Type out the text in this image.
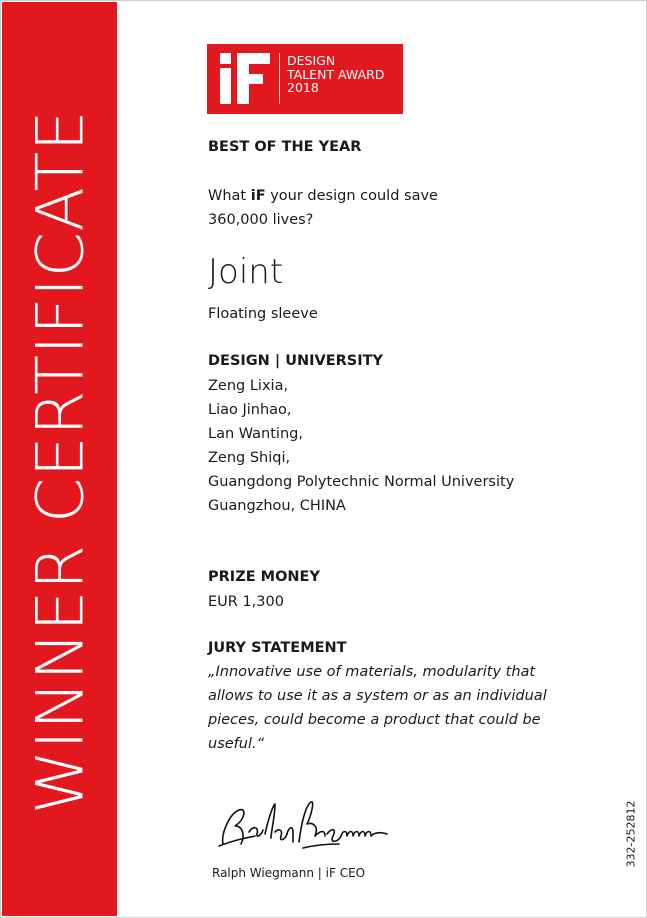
WINNER CERTIFICATE
DESIGN
TALENT AWARD
2018
BEST OF THE YEAR
What iF your design could save
360,000 lives?
Joint
Floating sleeve
DESIGN | UNIVERSITY
Zeng Lixia,
Liao Jinhao,
Lan Wanting,
Zeng Shiqi,
Guangdong Polytechnic Normal University
Guangzhou, CHINA
PRIZE MONEY
EUR 1,300
JURY STATEMENT
„Innovative use of materials, modularity that
allows to use it as a system or as an individual
pieces, could become a product that could be
useful.“
Ralph Wiegmann | iF CEO
332-252812
